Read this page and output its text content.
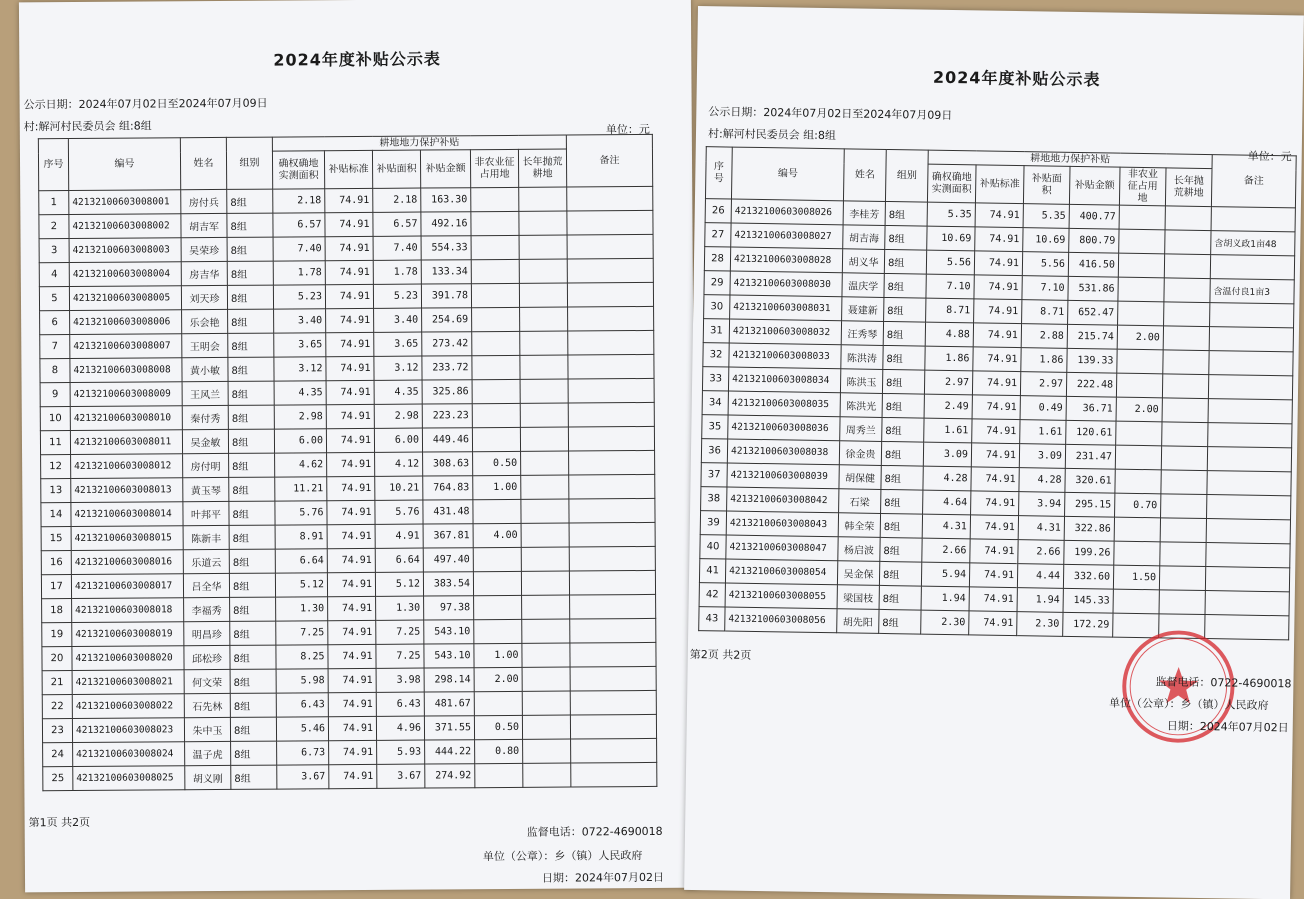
2024年度补贴公示表
公示日期：2024年07月02日至2024年07月09日
村:解河村民委员会 组:8组	单位：元
序号	编号	姓名	组别	耕地地力保护补贴						备注
				确权确地实测面积	补贴标准	补贴面积	补贴金额	非农业征占用地	长年抛荒耕地	
1	42132100603008001	房付兵	8组	2.18	74.91	2.18	163.30			
2	42132100603008002	胡吉军	8组	6.57	74.91	6.57	492.16			
3	42132100603008003	吴荣珍	8组	7.40	74.91	7.40	554.33			
4	42132100603008004	房吉华	8组	1.78	74.91	1.78	133.34			
5	42132100603008005	刘天珍	8组	5.23	74.91	5.23	391.78			
6	42132100603008006	乐会艳	8组	3.40	74.91	3.40	254.69			
7	42132100603008007	王明会	8组	3.65	74.91	3.65	273.42			
8	42132100603008008	黄小敏	8组	3.12	74.91	3.12	233.72			
9	42132100603008009	王风兰	8组	4.35	74.91	4.35	325.86			
10	42132100603008010	秦付秀	8组	2.98	74.91	2.98	223.23			
11	42132100603008011	吴金敏	8组	6.00	74.91	6.00	449.46			
12	42132100603008012	房付明	8组	4.62	74.91	4.12	308.63	0.50		
13	42132100603008013	黄玉琴	8组	11.21	74.91	10.21	764.83	1.00		
14	42132100603008014	叶邦平	8组	5.76	74.91	5.76	431.48			
15	42132100603008015	陈新丰	8组	8.91	74.91	4.91	367.81	4.00		
16	42132100603008016	乐道云	8组	6.64	74.91	6.64	497.40			
17	42132100603008017	吕全华	8组	5.12	74.91	5.12	383.54			
18	42132100603008018	李福秀	8组	1.30	74.91	1.30	97.38			
19	42132100603008019	明昌珍	8组	7.25	74.91	7.25	543.10			
20	42132100603008020	邱松珍	8组	8.25	74.91	7.25	543.10	1.00		
21	42132100603008021	何文荣	8组	5.98	74.91	3.98	298.14	2.00		
22	42132100603008022	石先林	8组	6.43	74.91	6.43	481.67			
23	42132100603008023	朱中玉	8组	5.46	74.91	4.96	371.55	0.50		
24	42132100603008024	温子虎	8组	6.73	74.91	5.93	444.22	0.80		
25	42132100603008025	胡义刚	8组	3.67	74.91	3.67	274.92			
第1页 共2页
监督电话：0722-4690018
单位（公章）：乡（镇）人民政府
日期：2024年07月02日
2024年度补贴公示表
公示日期：2024年07月02日至2024年07月09日
村:解河村民委员会 组:8组
单位：元
序号	编号	姓名	组别	耕地地力保护补贴						备注
				确权确地实测面积	补贴标准	补贴面积	补贴金额	非农业征占用地	长年抛荒耕地	
26	42132100603008026	李桂芳	8组	5.35	74.91	5.35	400.77			
27	42132100603008027	胡吉海	8组	10.69	74.91	10.69	800.79			含胡义政1亩48
28	42132100603008028	胡义华	8组	5.56	74.91	5.56	416.50			
29	42132100603008030	温庆学	8组	7.10	74.91	7.10	531.86			含温付良1亩3
30	42132100603008031	聂建新	8组	8.71	74.91	8.71	652.47			
31	42132100603008032	汪秀琴	8组	4.88	74.91	2.88	215.74	2.00		
32	42132100603008033	陈洪涛	8组	1.86	74.91	1.86	139.33			
33	42132100603008034	陈洪玉	8组	2.97	74.91	2.97	222.48			
34	42132100603008035	陈洪光	8组	2.49	74.91	0.49	36.71	2.00		
35	42132100603008036	周秀兰	8组	1.61	74.91	1.61	120.61			
36	42132100603008038	徐金贵	8组	3.09	74.91	3.09	231.47			
37	42132100603008039	胡保健	8组	4.28	74.91	4.28	320.61			
38	42132100603008042	石梁	8组	4.64	74.91	3.94	295.15	0.70		
39	42132100603008043	韩全荣	8组	4.31	74.91	4.31	322.86			
40	42132100603008047	杨启波	8组	2.66	74.91	2.66	199.26			
41	42132100603008054	吴金保	8组	5.94	74.91	4.44	332.60	1.50		
42	42132100603008055	梁国枝	8组	1.94	74.91	1.94	145.33			
43	42132100603008056	胡先阳	8组	2.30	74.91	2.30	172.29			
第2页 共2页
监督电话：0722-4690018
单位（公章）：乡（镇）人民政府
日期：2024年07月02日
